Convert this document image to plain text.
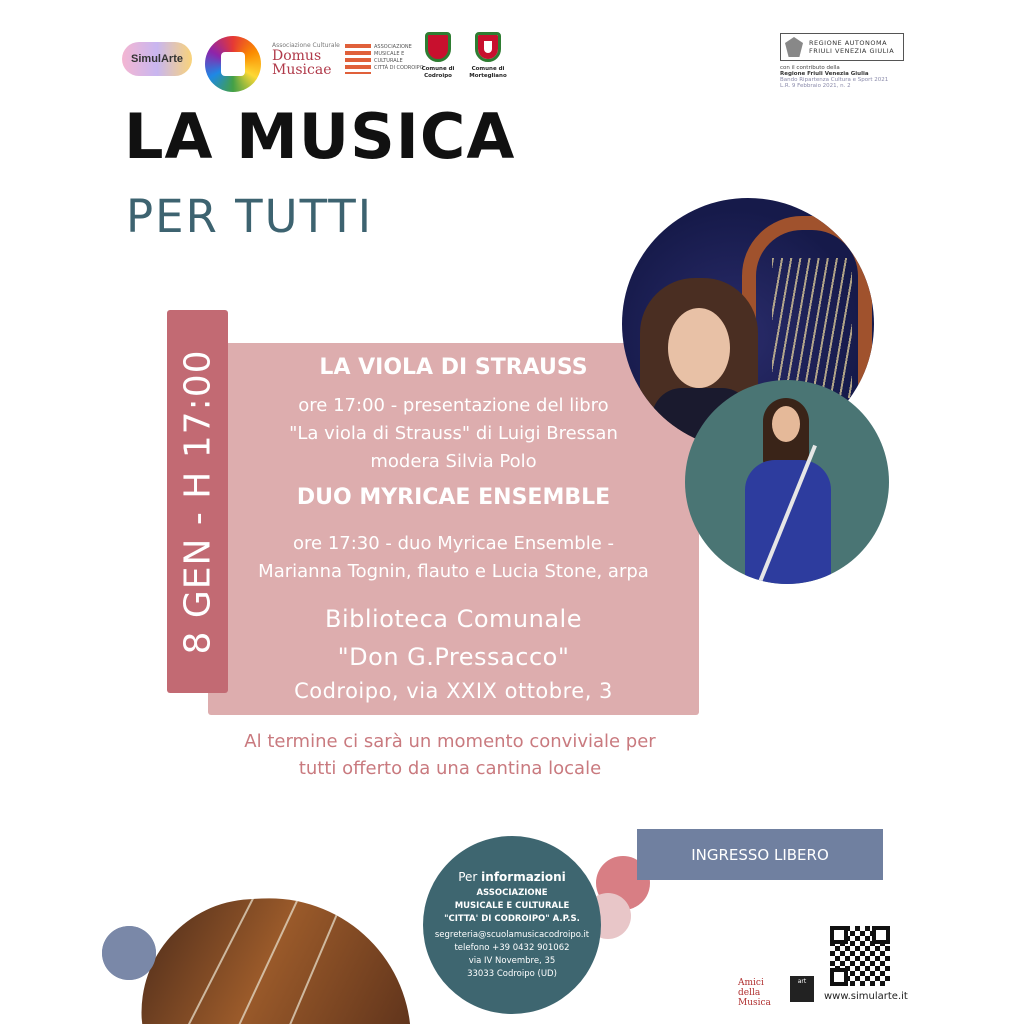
SimulArte
Associazione Culturale
Domus Musicae
ASSOCIAZIONE
MUSICALE E
CULTURALE
CITTÀ DI CODROIPO
Comune di Codroipo
Comune di Mortegliano
REGIONE AUTONOMA
FRIULI VENEZIA GIULIA
con il contributo della
Regione Friuli Venezia Giulia
Bando Ripartenza Cultura e Sport 2021
L.R. 9 Febbraio 2021, n. 2
LA MUSICA
PER TUTTI
LA VIOLA DI STRAUSS
ore 17:00 - presentazione del libro
"La viola di Strauss" di Luigi Bressan
modera Silvia Polo
DUO MYRICAE ENSEMBLE
ore 17:30 - duo Myricae Ensemble -
Marianna Tognin, flauto e Lucia Stone, arpa
Biblioteca Comunale
"Don G.Pressacco"
Codroipo, via XXIX ottobre, 3
8 GEN - H 17:00
Al termine ci sarà un momento conviviale per
tutti offerto da una cantina locale
INGRESSO LIBERO
Per informazioni
ASSOCIAZIONE
MUSICALE E CULTURALE
"CITTA' DI CODROIPO" A.P.S.
segreteria@scuolamusicacodroipo.it
telefono +39 0432 901062
via IV Novembre, 35
33033 Codroipo (UD)
Amici della Musica
art
www.simularte.it
